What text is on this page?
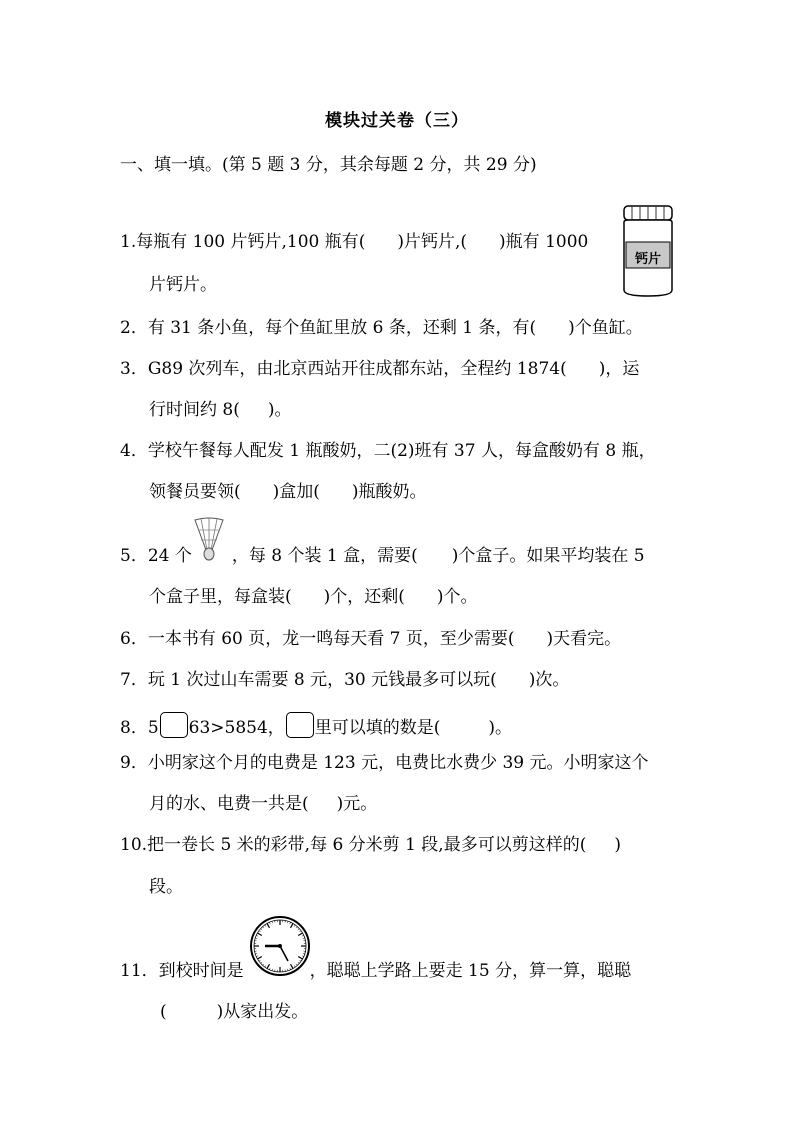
模块过关卷（三）
一、填一填。(第 5 题 3 分，其余每题 2 分，共 29 分)
1.每瓶有 100 片钙片,100 瓶有( )片钙片,( )瓶有 1000
片钙片。
钙片
2．有 31 条小鱼，每个鱼缸里放 6 条，还剩 1 条，有( )个鱼缸。
3．G89 次列车，由北京西站开往成都东站，全程约 1874( )，运
行时间约 8( )。
4．学校午餐每人配发 1 瓶酸奶，二(2)班有 37 人，每盒酸奶有 8 瓶，
领餐员要领( )盒加( )瓶酸奶。
5．24 个 ，每 8 个装 1 盒，需要( )个盒子。如果平均装在 5
个盒子里，每盒装( )个，还剩( )个。
6．一本书有 60 页，龙一鸣每天看 7 页，至少需要( )天看完。
7．玩 1 次过山车需要 8 元，30 元钱最多可以玩( )次。
8．5 63>5854， 里可以填的数是(	)。
9．小明家这个月的电费是 123 元，电费比水费少 39 元。小明家这个
月的水、电费一共是( )元。
10.把一卷长 5 米的彩带,每 6 分米剪 1 段,最多可以剪这样的( )
段。
11．到校时间是	，聪聪上学路上要走 15 分，算一算，聪聪
(	)从家出发。
